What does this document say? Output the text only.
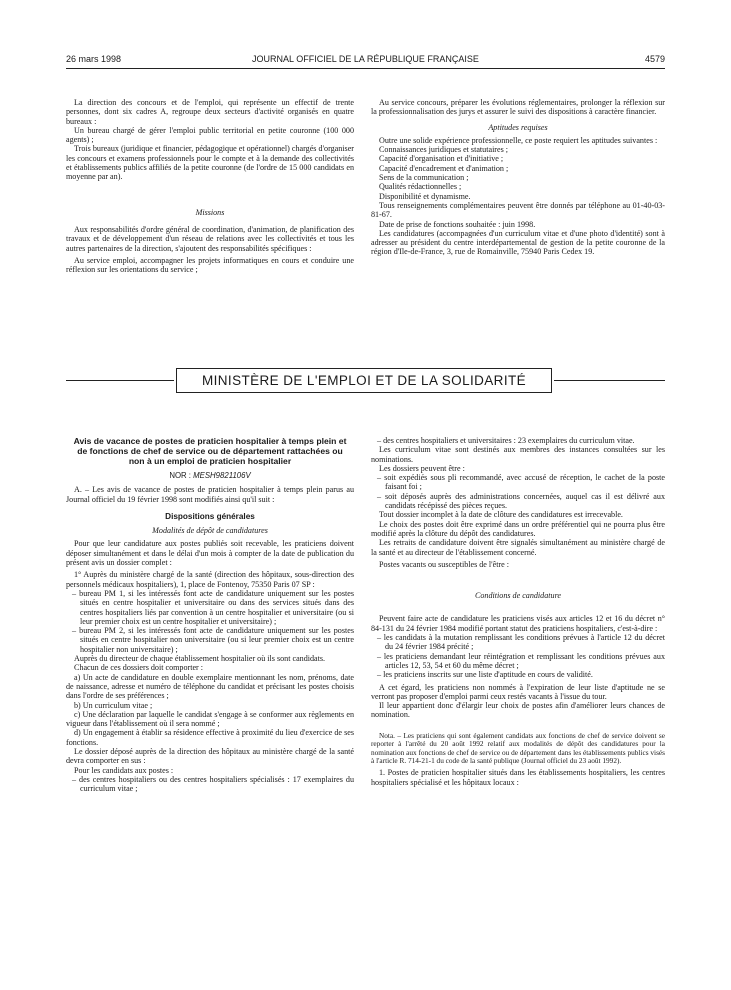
26 mars 1998	JOURNAL OFFICIEL DE LA RÉPUBLIQUE FRANÇAISE	4579

La direction des concours et de l'emploi, qui représente un effectif de trente personnes, dont six cadres A, regroupe deux secteurs d'activité organisés en quatre bureaux :

Un bureau chargé de gérer l'emploi public territorial en petite couronne (100 000 agents) ;

Trois bureaux (juridique et financier, pédagogique et opérationnel) chargés d'organiser les concours et examens professionnels pour le compte et à la demande des collectivités et établissements publics affiliés de la petite couronne (de l'ordre de 15 000 candidats en moyenne par an).

Missions

Aux responsabilités d'ordre général de coordination, d'animation, de planification des travaux et de développement d'un réseau de relations avec les collectivités et tous les autres partenaires de la direction, s'ajoutent des responsabilités spécifiques :

Au service emploi, accompagner les projets informatiques en cours et conduire une réflexion sur les orientations du service ;

Au service concours, préparer les évolutions réglementaires, prolonger la réflexion sur la professionnalisation des jurys et assurer le suivi des dispositions à caractère financier.

Aptitudes requises

Outre une solide expérience professionnelle, ce poste requiert les aptitudes suivantes :

Connaissances juridiques et statutaires ;

Capacité d'organisation et d'initiative ;

Capacité d'encadrement et d'animation ;

Sens de la communication ;

Qualités rédactionnelles ;

Disponibilité et dynamisme.

Tous renseignements complémentaires peuvent être donnés par téléphone au 01-40-03-81-67.

Date de prise de fonctions souhaitée : juin 1998.

Les candidatures (accompagnées d'un curriculum vitae et d'une photo d'identité) sont à adresser au président du centre interdépartemental de gestion de la petite couronne de la région d'Ile-de-France, 3, rue de Romainville, 75940 Paris Cedex 19.

MINISTÈRE DE L'EMPLOI ET DE LA SOLIDARITÉ
Avis de vacance de postes de praticien hospitalier à temps plein et de fonctions de chef de service ou de département rattachées ou non à un emploi de praticien hospitalier
NOR : MESH9821106V

A. – Les avis de vacance de postes de praticien hospitalier à temps plein parus au Journal officiel du 19 février 1998 sont modifiés ainsi qu'il suit :

Dispositions générales

Modalités de dépôt de candidatures

Pour que leur candidature aux postes publiés soit recevable, les praticiens doivent déposer simultanément et dans le délai d'un mois à compter de la date de publication du présent avis un dossier complet :

1° Auprès du ministère chargé de la santé (direction des hôpitaux, sous-direction des personnels médicaux hospitaliers), 1, place de Fontenoy, 75350 Paris 07 SP :

– bureau PM 1, si les intéressés font acte de candidature uniquement sur les postes situés en centre hospitalier et universitaire ou dans des services situés dans des centres hospitaliers liés par convention à un centre hospitalier et universitaire (ou si leur premier choix est un centre hospitalier et universitaire) ;

– bureau PM 2, si les intéressés font acte de candidature uniquement sur les postes situés en centre hospitalier non universitaire (ou si leur premier choix est un centre hospitalier non universitaire) ;

Auprès du directeur de chaque établissement hospitalier où ils sont candidats.

Chacun de ces dossiers doit comporter :

a) Un acte de candidature en double exemplaire mentionnant les nom, prénoms, date de naissance, adresse et numéro de téléphone du candidat et précisant les postes choisis dans l'ordre de ses préférences ;

b) Un curriculum vitae ;

c) Une déclaration par laquelle le candidat s'engage à se conformer aux règlements en vigueur dans l'établissement où il sera nommé ;

d) Un engagement à établir sa résidence effective à proximité du lieu d'exercice de ses fonctions.

Le dossier déposé auprès de la direction des hôpitaux au ministère chargé de la santé devra comporter en sus :

Pour les candidats aux postes :

– des centres hospitaliers ou des centres hospitaliers spécialisés : 17 exemplaires du curriculum vitae ;

– des centres hospitaliers et universitaires : 23 exemplaires du curriculum vitae.

Les curriculum vitae sont destinés aux membres des instances consultées sur les nominations.

Les dossiers peuvent être :

– soit expédiés sous pli recommandé, avec accusé de réception, le cachet de la poste faisant foi ;

– soit déposés auprès des administrations concernées, auquel cas il est délivré aux candidats récépissé des pièces reçues.

Tout dossier incomplet à la date de clôture des candidatures est irrecevable.

Le choix des postes doit être exprimé dans un ordre préférentiel qui ne pourra plus être modifié après la clôture du dépôt des candidatures.

Les retraits de candidature doivent être signalés simultanément au ministère chargé de la santé et au directeur de l'établissement concerné.

Postes vacants ou susceptibles de l'être :

Conditions de candidature

Peuvent faire acte de candidature les praticiens visés aux articles 12 et 16 du décret n° 84-131 du 24 février 1984 modifié portant statut des praticiens hospitaliers, c'est-à-dire :

– les candidats à la mutation remplissant les conditions prévues à l'article 12 du décret du 24 février 1984 précité ;

– les praticiens demandant leur réintégration et remplissant les conditions prévues aux articles 12, 53, 54 et 60 du même décret ;

– les praticiens inscrits sur une liste d'aptitude en cours de validité.

A cet égard, les praticiens non nommés à l'expiration de leur liste d'aptitude ne se verront pas proposer d'emploi parmi ceux restés vacants à l'issue du tour.

Il leur appartient donc d'élargir leur choix de postes afin d'améliorer leurs chances de nomination.

Nota. – Les praticiens qui sont également candidats aux fonctions de chef de service doivent se reporter à l'arrêté du 20 août 1992 relatif aux modalités de dépôt des candidatures pour la nomination aux fonctions de chef de service ou de département dans les établissements publics visés à l'article R. 714-21-1 du code de la santé publique (Journal officiel du 23 août 1992).

1. Postes de praticien hospitalier situés dans les établissements hospitaliers, les centres hospitaliers spécialisé et les hôpitaux locaux :
